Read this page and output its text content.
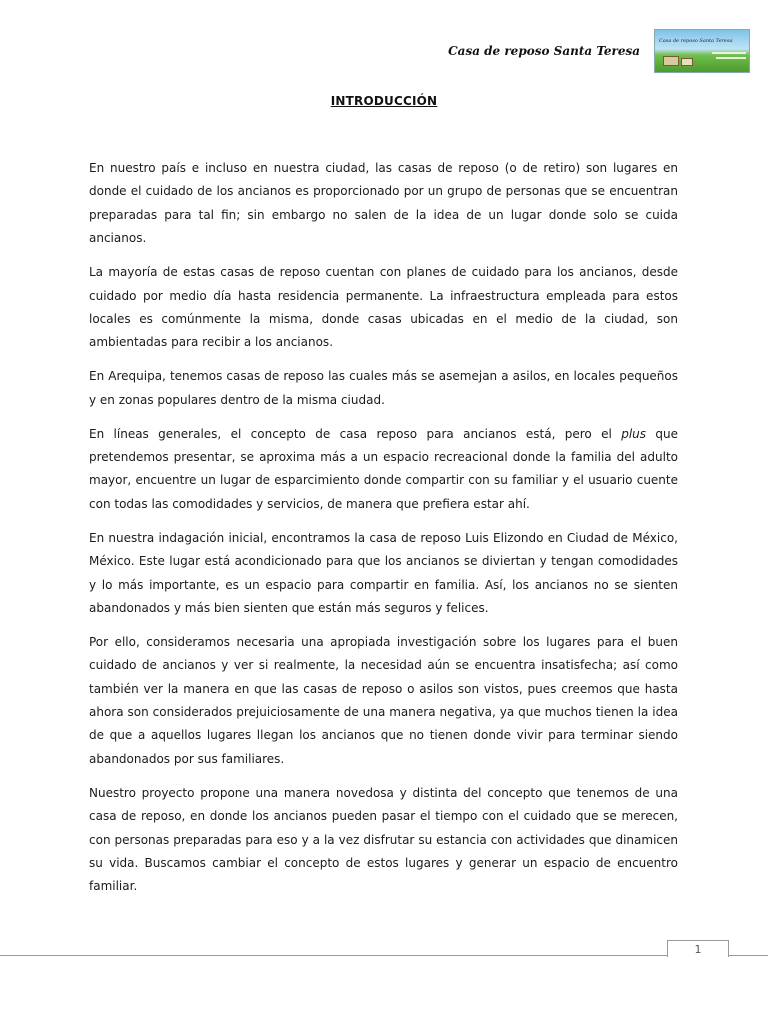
Casa de reposo Santa Teresa
Casa de reposo Santa Teresa
INTRODUCCIÓN

En nuestro país e incluso en nuestra ciudad, las casas de reposo (o de retiro) son lugares en donde el cuidado de los ancianos es proporcionado por un grupo de personas que se encuentran preparadas para tal fin; sin embargo no salen de la idea de un lugar donde solo se cuida ancianos.

La mayoría de estas casas de reposo cuentan con planes de cuidado para los ancianos, desde cuidado por medio día hasta residencia permanente. La infraestructura empleada para estos locales es comúnmente la misma, donde casas ubicadas en el medio de la ciudad, son ambientadas para recibir a los ancianos.

En Arequipa, tenemos casas de reposo las cuales más se asemejan a asilos, en locales pequeños y en zonas populares dentro de la misma ciudad.

En líneas generales, el concepto de casa reposo para ancianos está, pero el plus que pretendemos presentar, se aproxima más a un espacio recreacional donde la familia del adulto mayor, encuentre un lugar de esparcimiento donde compartir con su familiar y el usuario cuente con todas las comodidades y servicios, de manera que prefiera estar ahí.

En nuestra indagación inicial, encontramos la casa de reposo Luis Elizondo en Ciudad de México, México. Este lugar está acondicionado para que los ancianos se diviertan y tengan comodidades y lo más importante, es un espacio para compartir en familia. Así, los ancianos no se sienten abandonados y más bien sienten que están más seguros y felices.

Por ello, consideramos necesaria una apropiada investigación sobre los lugares para el buen cuidado de ancianos y ver si realmente, la necesidad aún se encuentra insatisfecha; así como también ver la manera en que las casas de reposo o asilos son vistos, pues creemos que hasta ahora son considerados prejuiciosamente de una manera negativa, ya que muchos tienen la idea de que a aquellos lugares llegan los ancianos que no tienen donde vivir para terminar siendo abandonados por sus familiares.

Nuestro proyecto propone una manera novedosa y distinta del concepto que tenemos de una casa de reposo, en donde los ancianos pueden pasar el tiempo con el cuidado que se merecen, con personas preparadas para eso y a la vez disfrutar su estancia con actividades que dinamicen su vida. Buscamos cambiar el concepto de estos lugares y generar un espacio de encuentro familiar.

1
